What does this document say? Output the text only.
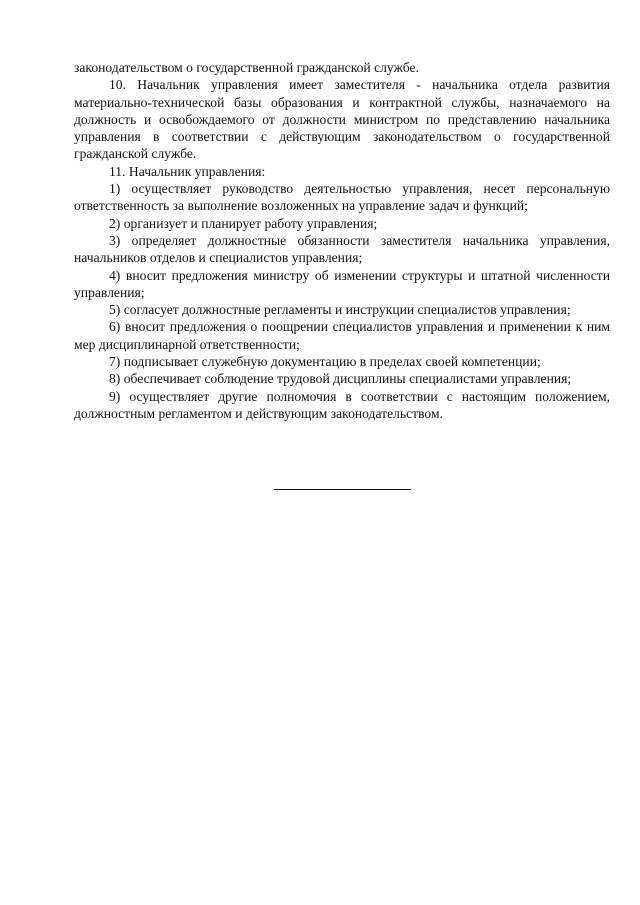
законодательством о государственной гражданской службе.

10. Начальник управления имеет заместителя - начальника отдела развития материально-технической базы образования и контрактной службы, назначаемого на должность и освобождаемого от должности министром по представлению начальника управления в соответствии с действующим законодательством о государственной гражданской службе.

11. Начальник управления:

1) осуществляет руководство деятельностью управления, несет персональную ответственность за выполнение возложенных на управление задач и функций;

2) организует и планирует работу управления;

3) определяет должностные обязанности заместителя начальника управления, начальников отделов и специалистов управления;

4) вносит предложения министру об изменении структуры и штатной численности управления;

5) согласует должностные регламенты и инструкции специалистов управления;

6) вносит предложения о поощрении специалистов управления и применении к ним мер дисциплинарной ответственности;

7) подписывает служебную документацию в пределах своей компетенции;

8) обеспечивает соблюдение трудовой дисциплины специалистами управления;

9) осуществляет другие полномочия в соответствии с настоящим положением, должностным регламентом и действующим законодательством.
